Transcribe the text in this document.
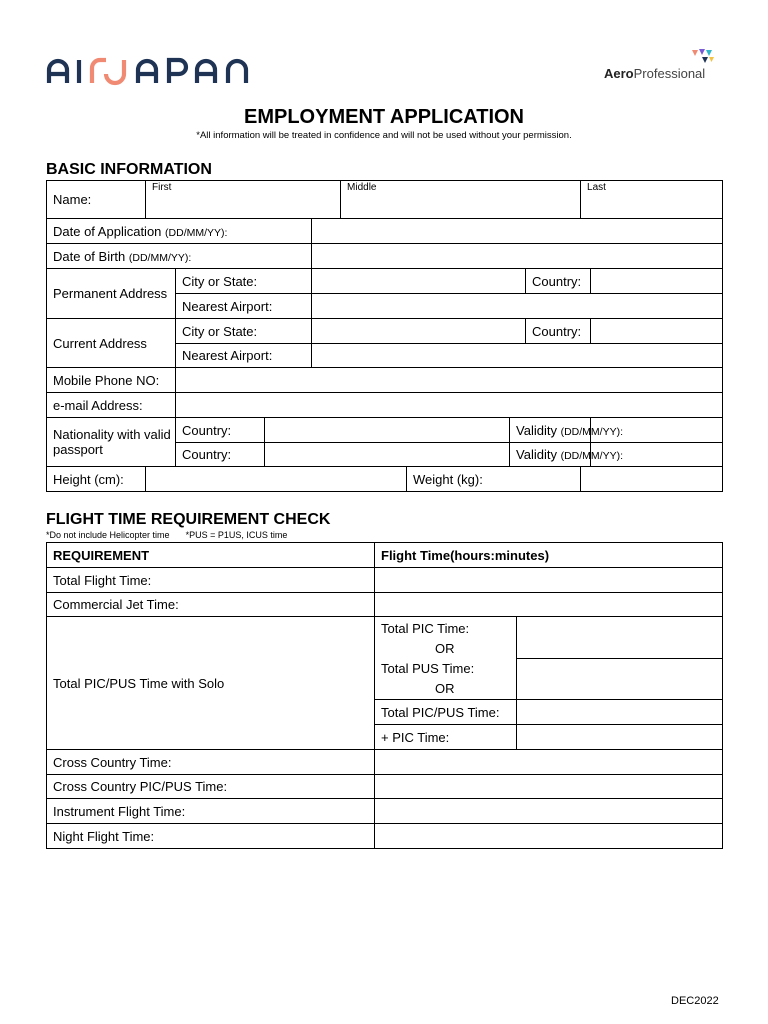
AeroProfessional
EMPLOYMENT APPLICATION
*All information will be treated in confidence and will not be used without your permission.
BASIC INFORMATION
Name:	First				Middle				Last	

Date of Application (DD/MM/YY):										
Date of Birth (DD/MM/YY):										
Permanent Address		City or State:						Country:		
		Nearest Airport:								
Current Address		City or State:						Country:		
		Nearest Airport:								
Mobile Phone NO:										
e-mail Address:										
Nationality with valid passport		Country:					Validity (DD/MM/YY):			
		Country:					Validity (DD/MM/YY):			
Height (cm):						Weight (kg):				
FLIGHT TIME REQUIREMENT CHECK
*Do not include Helicopter time *PUS = P1US, ICUS time
REQUIREMENT	Flight Time(hours:minutes)	
Total Flight Time:		
Commercial Jet Time:		
Total PIC/PUS Time with Solo	Total PIC Time:
OR
Total PUS Time:
OR	

	Total PIC/PUS Time:	
	+ PIC Time:	
Cross Country Time:		
Cross Country PIC/PUS Time:		
Instrument Flight Time:		
Night Flight Time:		
DEC2022
